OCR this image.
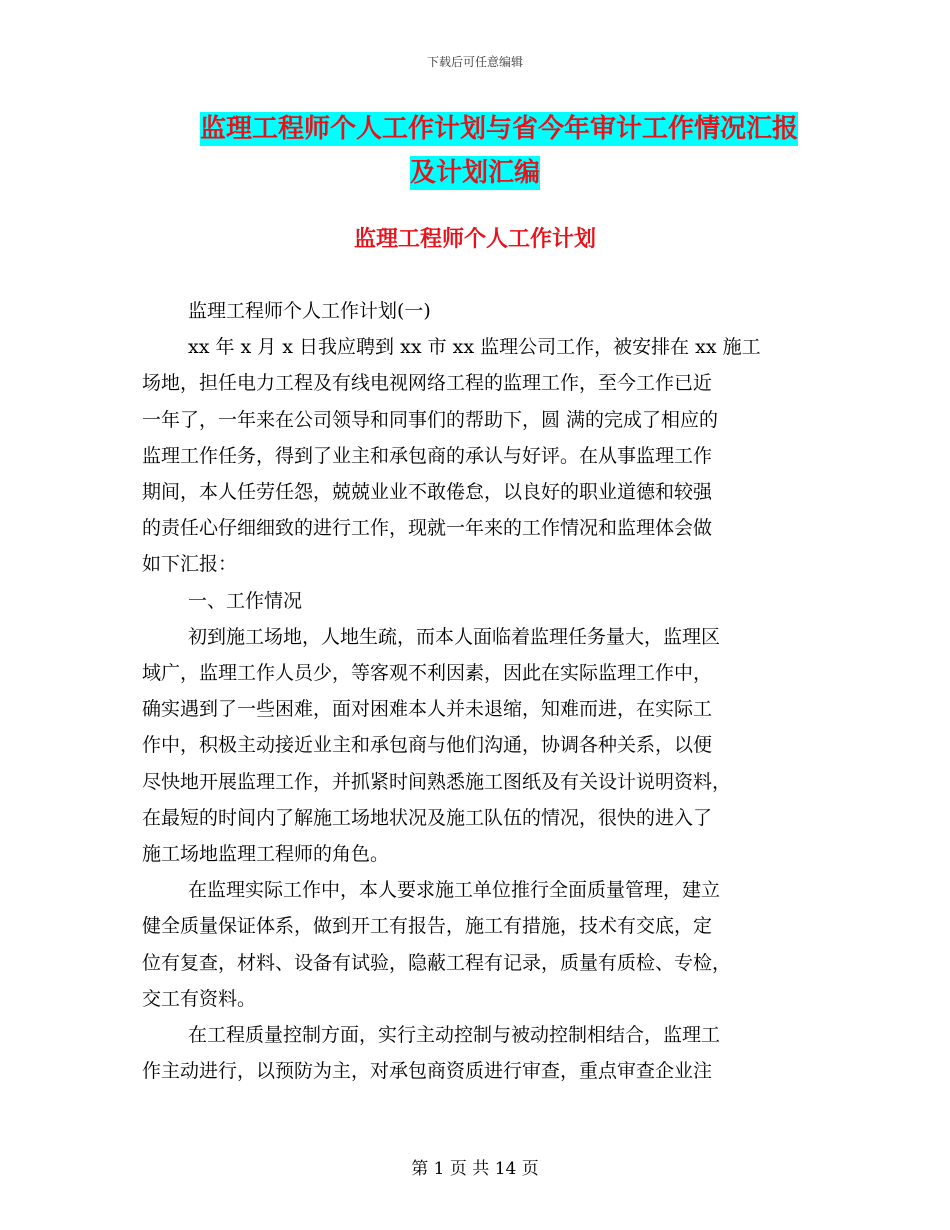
下载后可任意编辑
监理工程师个人工作计划与省今年审计工作情况汇报
及计划汇编
监理工程师个人工作计划

监理工程师个人工作计划(一)

xx 年 x 月 x 日我应聘到 xx 市 xx 监理公司工作，被安排在 xx 施工

场地，担任电力工程及有线电视网络工程的监理工作，至今工作已近

一年了，一年来在公司领导和同事们的帮助下，圆 满的完成了相应的

监理工作任务，得到了业主和承包商的承认与好评。在从事监理工作

期间，本人任劳任怨，兢兢业业不敢倦怠，以良好的职业道德和较强

的责任心仔细细致的进行工作，现就一年来的工作情况和监理体会做

如下汇报：

一、工作情况

初到施工场地，人地生疏，而本人面临着监理任务量大，监理区

域广，监理工作人员少，等客观不利因素，因此在实际监理工作中，

确实遇到了一些困难，面对困难本人并未退缩，知难而进，在实际工

作中，积极主动接近业主和承包商与他们沟通，协调各种关系，以便

尽快地开展监理工作，并抓紧时间熟悉施工图纸及有关设计说明资料，

在最短的时间内了解施工场地状况及施工队伍的情况，很快的进入了

施工场地监理工程师的角色。

在监理实际工作中，本人要求施工单位推行全面质量管理，建立

健全质量保证体系，做到开工有报告，施工有措施，技术有交底，定

位有复查，材料、设备有试验，隐蔽工程有记录，质量有质检、专检，

交工有资料。

在工程质量控制方面，实行主动控制与被动控制相结合，监理工

作主动进行，以预防为主，对承包商资质进行审查，重点审查企业注

第 1 页 共 14 页
